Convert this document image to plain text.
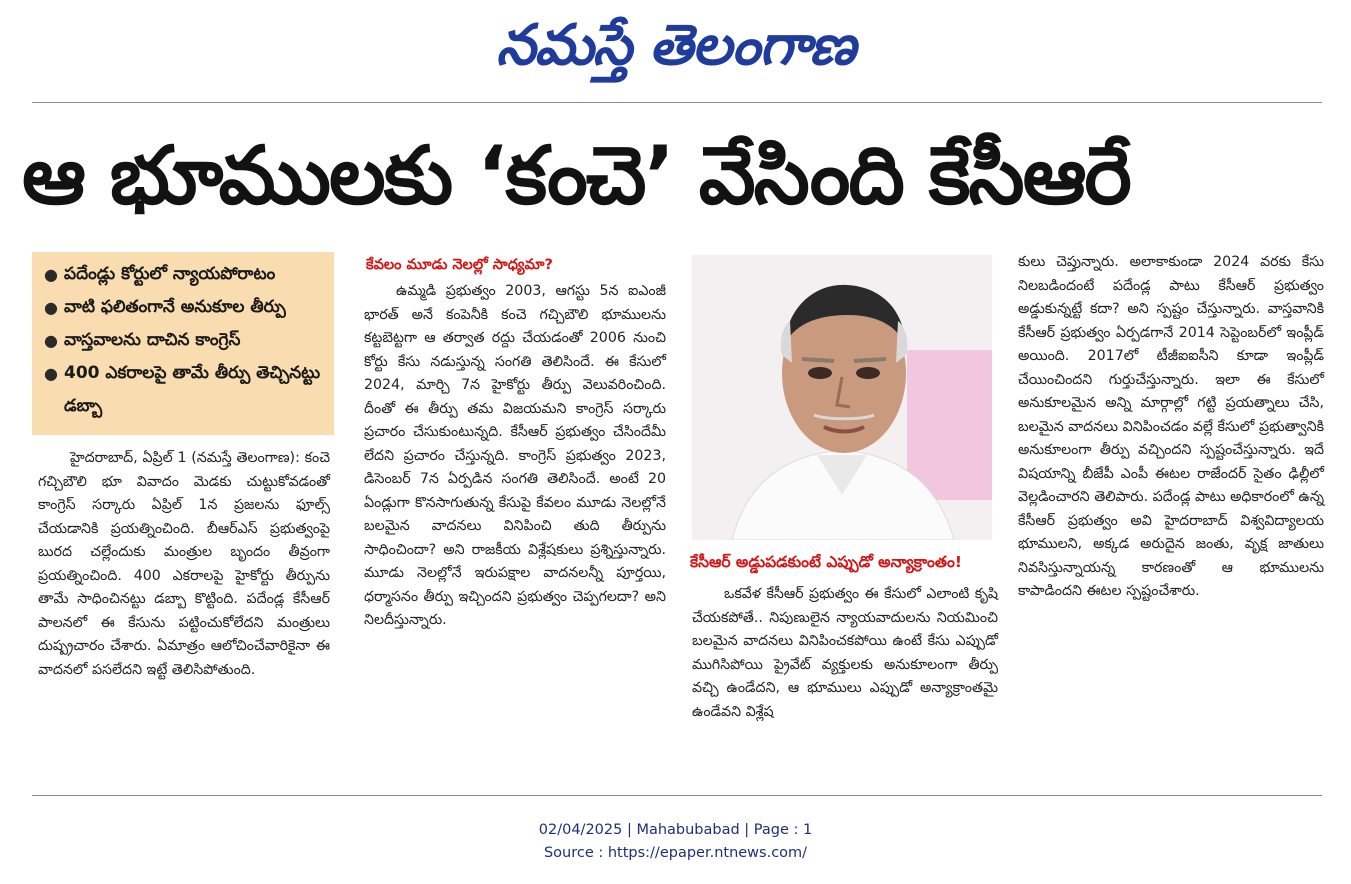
నమస్తే తెలంగాణ
ఆ భూములకు ‘కంచె’ వేసింది కేసీఆరే
● పదేండ్లు కోర్టులో న్యాయపోరాటం
● వాటి ఫలితంగానే అనుకూల తీర్పు
● వాస్తవాలను దాచిన కాంగ్రెస్
● 400 ఎకరాలపై తామే తీర్పు తెచ్చినట్టు డబ్బా

హైదరాబాద్, ఏప్రిల్ 1 (నమస్తే తెలంగాణ): కంచె గచ్చిబౌలి భూ వివాదం మెడకు చుట్టుకోవడంతో కాంగ్రెస్ సర్కారు ఏప్రిల్ 1న ప్రజలను ఫూల్స్ చేయడానికి ప్రయత్నించింది. బీఆర్ఎస్ ప్రభుత్వంపై బురద చల్లేందుకు మంత్రుల బృందం తీవ్రంగా ప్రయత్నించింది. 400 ఎకరాలపై హైకోర్టు తీర్పును తామే సాధించినట్టు డబ్బా కొట్టింది. పదేండ్ల కేసీఆర్ పాలనలో ఈ కేసును పట్టించుకోలేదని మంత్రులు దుష్ప్రచారం చేశారు. ఏమాత్రం ఆలోచించేవారికైనా ఈ వాదనలో పసలేదని ఇట్టే తెలిసిపోతుంది.

కేవలం మూడు నెలల్లో సాధ్యమా?

ఉమ్మడి ప్రభుత్వం 2003, ఆగస్టు 5న ఐఎంజీ భారత్ అనే కంపెనీకి కంచె గచ్చిబౌలి భూములను కట్టబెట్టగా ఆ తర్వాత రద్దు చేయడంతో 2006 నుంచి కోర్టు కేసు నడుస్తున్న సంగతి తెలిసిందే. ఈ కేసులో 2024, మార్చి 7న హైకోర్టు తీర్పు వెలువరించింది. దీంతో ఈ తీర్పు తమ విజయమని కాంగ్రెస్ సర్కారు ప్రచారం చేసుకుంటున్నది. కేసీఆర్ ప్రభుత్వం చేసిందేమీ లేదని ప్రచారం చేస్తున్నది. కాంగ్రెస్ ప్రభుత్వం 2023, డిసెంబర్ 7న ఏర్పడిన సంగతి తెలిసిందే. అంటే 20 ఏండ్లుగా కొనసాగుతున్న కేసుపై కేవలం మూడు నెలల్లోనే బలమైన వాదనలు వినిపించి తుది తీర్పును సాధించిందా? అని రాజకీయ విశ్లేషకులు ప్రశ్నిస్తున్నారు. మూడు నెలల్లోనే ఇరుపక్షాల వాదనలన్నీ పూర్తయి, ధర్మాసనం తీర్పు ఇచ్చిందని ప్రభుత్వం చెప్పగలదా? అని నిలదీస్తున్నారు.

కేసీఆర్ అడ్డుపడకుంటే ఎప్పుడో అన్యాక్రాంతం!

ఒకవేళ కేసీఆర్ ప్రభుత్వం ఈ కేసులో ఎలాంటి కృషి చేయకపోతే.. నిపుణులైన న్యాయవాదులను నియమించి బలమైన వాదనలు వినిపించకపోయి ఉంటే కేసు ఎప్పుడో ముగిసిపోయి ప్రైవేట్ వ్యక్తులకు అనుకూలంగా తీర్పు వచ్చి ఉండేదని, ఆ భూములు ఎప్పుడో అన్యాక్రాంతమై ఉండేవని విశ్లేష

కులు చెప్తున్నారు. అలాకాకుండా 2024 వరకు కేసు నిలబడిందంటే పదేండ్ల పాటు కేసీఆర్ ప్రభుత్వం అడ్డుకున్నట్టే కదా? అని స్పష్టం చేస్తున్నారు. వాస్తవానికి కేసీఆర్ ప్రభుత్వం ఏర్పడగానే 2014 సెప్టెంబర్‌లో ఇంప్లీడ్ అయింది. 2017లో టీజీఐఐసీని కూడా ఇంప్లీడ్ చేయించిందని గుర్తుచేస్తున్నారు. ఇలా ఈ కేసులో అనుకూలమైన అన్ని మార్గాల్లో గట్టి ప్రయత్నాలు చేసి, బలమైన వాదనలు వినిపించడం వల్లే కేసులో ప్రభుత్వానికి అనుకూలంగా తీర్పు వచ్చిందని స్పష్టంచేస్తున్నారు. ఇదే విషయాన్ని బీజేపీ ఎంపీ ఈటల రాజేందర్ సైతం ఢిల్లీలో వెల్లడించారని తెలిపారు. పదేండ్ల పాటు అధికారంలో ఉన్న కేసీఆర్ ప్రభుత్వం అవి హైదరాబాద్ విశ్వవిద్యాలయ భూములని, అక్కడ అరుదైన జంతు, వృక్ష జాతులు నివసిస్తున్నాయన్న కారణంతో ఆ భూములను కాపాడిందని ఈటల స్పష్టంచేశారు.

02/04/2025 | Mahabubabad | Page : 1
Source : https://epaper.ntnews.com/
